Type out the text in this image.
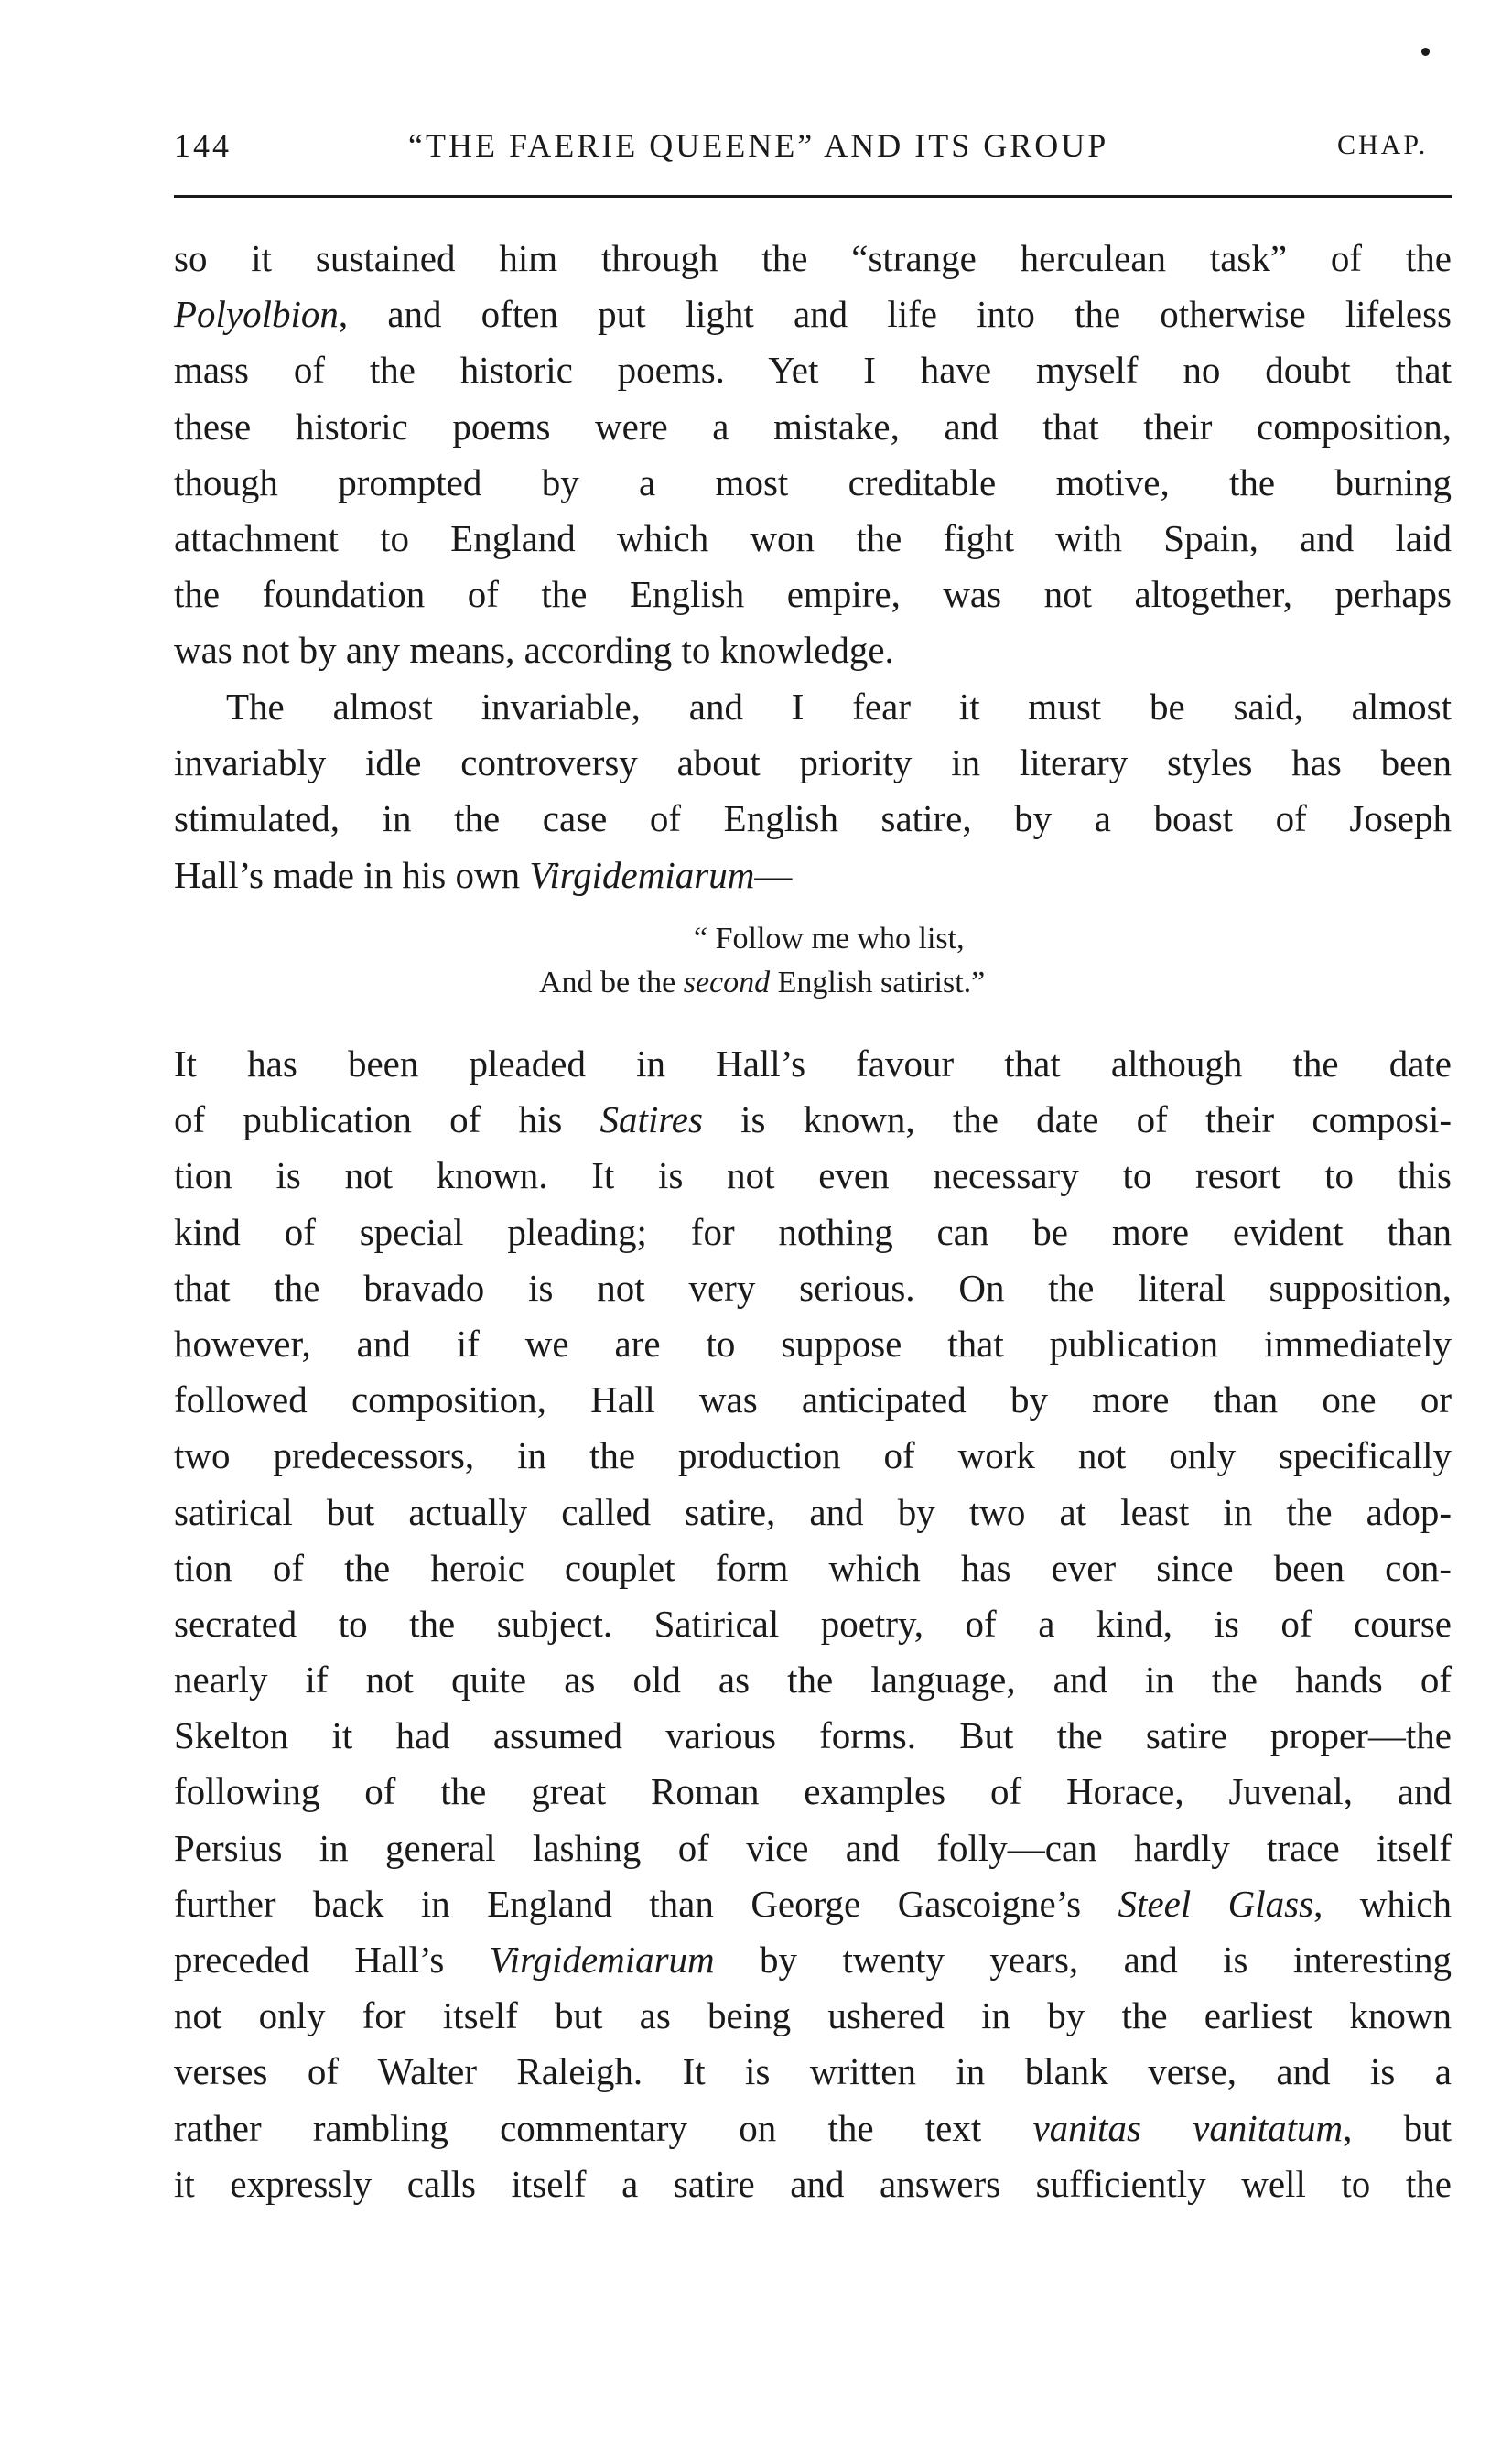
144	“THE FAERIE QUEENE” AND ITS GROUP	CHAP.
so it sustained him through the “strange herculean task” of the
Polyolbion, and often put light and life into the otherwise lifeless
mass of the historic poems. Yet I have myself no doubt that
these historic poems were a mistake, and that their composition,
though prompted by a most creditable motive, the burning
attachment to England which won the fight with Spain, and laid
the foundation of the English empire, was not altogether, perhaps
was not by any means, according to knowledge.
The almost invariable, and I fear it must be said, almost
invariably idle controversy about priority in literary styles has been
stimulated, in the case of English satire, by a boast of Joseph
Hall’s made in his own Virgidemiarum—
“ Follow me who list,
And be the second English satirist.”
It has been pleaded in Hall’s favour that although the date
of publication of his Satires is known, the date of their composi-
tion is not known. It is not even necessary to resort to this
kind of special pleading; for nothing can be more evident than
that the bravado is not very serious. On the literal supposition,
however, and if we are to suppose that publication immediately
followed composition, Hall was anticipated by more than one or
two predecessors, in the production of work not only specifically
satirical but actually called satire, and by two at least in the adop-
tion of the heroic couplet form which has ever since been con-
secrated to the subject. Satirical poetry, of a kind, is of course
nearly if not quite as old as the language, and in the hands of
Skelton it had assumed various forms. But the satire proper—the
following of the great Roman examples of Horace, Juvenal, and
Persius in general lashing of vice and folly—can hardly trace itself
further back in England than George Gascoigne’s Steel Glass, which
preceded Hall’s Virgidemiarum by twenty years, and is interesting
not only for itself but as being ushered in by the earliest known
verses of Walter Raleigh. It is written in blank verse, and is a
rather rambling commentary on the text vanitas vanitatum, but
it expressly calls itself a satire and answers sufficiently well to the
